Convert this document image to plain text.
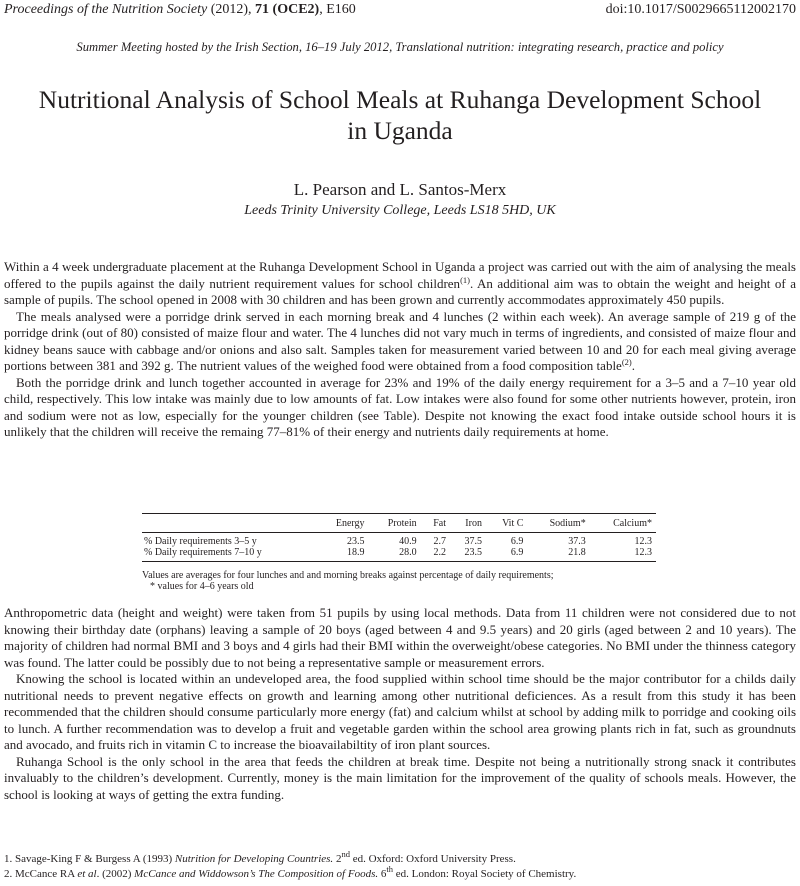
Proceedings of the Nutrition Society (2012), 71 (OCE2), E160	doi:10.1017/S0029665112002170
Summer Meeting hosted by the Irish Section, 16–19 July 2012, Translational nutrition: integrating research, practice and policy
Nutritional Analysis of School Meals at Ruhanga Development School
in Uganda
L. Pearson and L. Santos-Merx
Leeds Trinity University College, Leeds LS18 5HD, UK

Within a 4 week undergraduate placement at the Ruhanga Development School in Uganda a project was carried out with the aim of analysing the meals offered to the pupils against the daily nutrient requirement values for school children$^{(1)}$. An additional aim was to obtain the weight and height of a sample of pupils. The school opened in 2008 with 30 children and has been grown and currently accommodates approximately 450 pupils.

The meals analysed were a porridge drink served in each morning break and 4 lunches (2 within each week). An average sample of 219 g of the porridge drink (out of 80) consisted of maize flour and water. The 4 lunches did not vary much in terms of ingredients, and consisted of maize flour and kidney beans sauce with cabbage and/or onions and also salt. Samples taken for measurement varied between 10 and 20 for each meal giving average portions between 381 and 392 g. The nutrient values of the weighed food were obtained from a food composition table$^{(2)}$.

Both the porridge drink and lunch together accounted in average for 23% and 19% of the daily energy requirement for a 3–5 and a 7–10 year old child, respectively. This low intake was mainly due to low amounts of fat. Low intakes were also found for some other nutrients however, protein, iron and sodium were not as low, especially for the younger children (see Table). Despite not knowing the exact food intake outside school hours it is unlikely that the children will receive the remaing 77–81% of their energy and nutrients daily requirements at home.

	Energy	Protein	Fat	Iron	Vit C	Sodium*	Calcium*
% Daily requirements 3–5 y	23.5	40.9	2.7	37.5	6.9	37.3	12.3
% Daily requirements 7–10 y	18.9	28.0	2.2	23.5	6.9	21.8	12.3
Values are averages for four lunches and and morning breaks against percentage of daily requirements;
* values for 4–6 years old

Anthropometric data (height and weight) were taken from 51 pupils by using local methods. Data from 11 children were not considered due to not knowing their birthday date (orphans) leaving a sample of 20 boys (aged between 4 and 9.5 years) and 20 girls (aged between 2 and 10 years). The majority of children had normal BMI and 3 boys and 4 girls had their BMI within the overweight/obese categories. No BMI under the thinness category was found. The latter could be possibly due to not being a representative sample or measurement errors.

Knowing the school is located within an undeveloped area, the food supplied within school time should be the major contributor for a childs daily nutritional needs to prevent negative effects on growth and learning among other nutritional deficiences. As a result from this study it has been recommended that the children should consume particularly more energy (fat) and calcium whilst at school by adding milk to porridge and cooking oils to lunch. A further recommendation was to develop a fruit and vegetable garden within the school area growing plants rich in fat, such as groundnuts and avocado, and fruits rich in vitamin C to increase the bioavailabiltity of iron plant sources.

Ruhanga School is the only school in the area that feeds the children at break time. Despite not being a nutritionally strong snack it contributes invaluably to the children’s development. Currently, money is the main limitation for the improvement of the quality of schools meals. However, the school is looking at ways of getting the extra funding.

1. Savage-King F & Burgess A (1993) Nutrition for Developing Countries. 2nd ed. Oxford: Oxford University Press.

2. McCance RA et al. (2002) McCance and Widdowson’s The Composition of Foods. 6th ed. London: Royal Society of Chemistry.
